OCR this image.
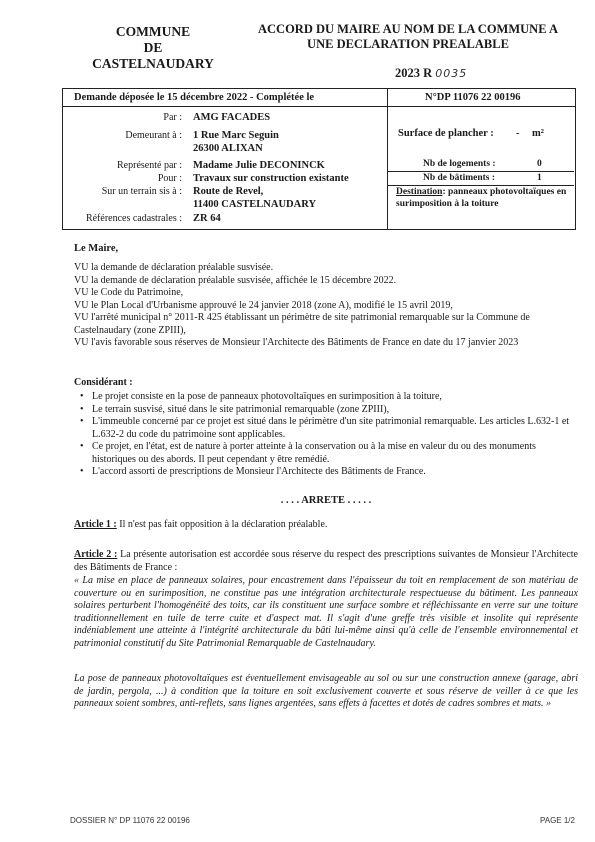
COMMUNE
DE
CASTELNAUDARY
ACCORD DU MAIRE AU NOM DE LA COMMUNE A
UNE DECLARATION PREALABLE
2023 R 0035
Demande déposée le 15 décembre 2022 - Complétée le	N°DP 11076 22 00196
Par : AMG FACADES
Demeurant à : 1 Rue Marc Seguin
26300 ALIXAN
Représenté par : Madame Julie DECONINCK
Pour : Travaux sur construction existante
Sur un terrain sis à : Route de Revel,
11400 CASTELNAUDARY
Références cadastrales : ZR 64
Surface de plancher : - m²
Nb de logements :	0
Nb de bâtiments :	1
Destination: panneaux photovoltaïques en surimposition à la toiture
Le Maire,
VU la demande de déclaration préalable susvisée.
VU la demande de déclaration préalable susvisée, affichée le 15 décembre 2022.
VU le Code du Patrimoine,
VU le Plan Local d'Urbanisme approuvé le 24 janvier 2018 (zone A), modifié le 15 avril 2019,
VU l'arrêté municipal n° 2011-R 425 établissant un périmètre de site patrimonial remarquable sur la Commune de Castelnaudary (zone ZPIII),
VU l'avis favorable sous réserves de Monsieur l'Architecte des Bâtiments de France en date du 17 janvier 2023
Considérant :
• Le projet consiste en la pose de panneaux photovoltaïques en surimposition à la toiture,
• Le terrain susvisé, situé dans le site patrimonial remarquable (zone ZPIII),
• L'immeuble concerné par ce projet est situé dans le périmètre d'un site patrimonial remarquable. Les articles L.632-1 et L.632-2 du code du patrimoine sont applicables.
• Ce projet, en l'état, est de nature à porter atteinte à la conservation ou à la mise en valeur du ou des monuments historiques ou des abords. Il peut cependant y être remédié.
• L'accord assorti de prescriptions de Monsieur l'Architecte des Bâtiments de France.
. . . . ARRETE . . . . .
Article 1 : Il n'est pas fait opposition à la déclaration préalable.
Article 2 : La présente autorisation est accordée sous réserve du respect des prescriptions suivantes de Monsieur l'Architecte des Bâtiments de France :
« La mise en place de panneaux solaires, pour encastrement dans l'épaisseur du toit en remplacement de son matériau de couverture ou en surimposition, ne constitue pas une intégration architecturale respectueuse du bâtiment. Les panneaux solaires perturbent l'homogénéité des toits, car ils constituent une surface sombre et réfléchissante en verre sur une toiture traditionnellement en tuile de terre cuite et d'aspect mat. Il s'agit d'une greffe très visible et insolite qui représente indéniablement une atteinte à l'intégrité architecturale du bâti lui-même ainsi qu'à celle de l'ensemble environnemental et patrimonial constitutif du Site Patrimonial Remarquable de Castelnaudary.
La pose de panneaux photovoltaïques est éventuellement envisageable au sol ou sur une construction annexe (garage, abri de jardin, pergola, ...) à condition que la toiture en soit exclusivement couverte et sous réserve de veiller à ce que les panneaux soient sombres, anti-reflets, sans lignes argentées, sans effets à facettes et dotés de cadres sombres et mats. »
DOSSIER N° DP 11076 22 00196	PAGE 1/2
